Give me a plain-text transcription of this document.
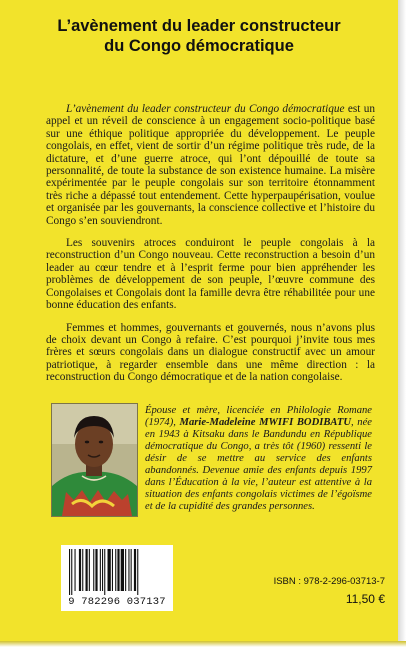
L’avènement du leader constructeur
du Congo démocratique

L’avènement du leader constructeur du Congo démocratique est un appel et un réveil de conscience à un engagement socio-politique basé sur une éthique politique appropriée du développement. Le peuple congolais, en effet, vient de sortir d’un régime politique très rude, de la dictature, et d’une guerre atroce, qui l’ont dépouillé de toute sa personnalité, de toute la substance de son existence humaine. La misère expérimentée par le peuple congolais sur son territoire étonnamment très riche a dépassé tout entendement. Cette hyperpaupérisation, voulue et organisée par les gouvernants, la conscience collective et l’histoire du Congo s’en souviendront.

Les souvenirs atroces conduiront le peuple congolais à la reconstruction d’un Congo nouveau. Cette reconstruction a besoin d’un leader au cœur tendre et à l’esprit ferme pour bien appréhender les problèmes de développement de son peuple, l’œuvre commune des Congolaises et Congolais dont la famille devra être réhabilitée pour une bonne éducation des enfants.

Femmes et hommes, gouvernants et gouvernés, nous n’avons plus de choix devant un Congo à refaire. C’est pourquoi j’invite tous mes frères et sœurs congolais dans un dialogue constructif avec un amour patriotique, à regarder ensemble dans une même direction : la reconstruction du Congo démocratique et de la nation congolaise.

Épouse et mère, licenciée en Philologie Romane (1974), Marie-Madeleine MWIFI BODIBATU, née en 1943 à Kitsaku dans le Bandundu en République démocratique du Congo, a très tôt (1960) ressenti le désir de se mettre au service des enfants abandonnés. Devenue amie des enfants depuis 1997 dans l’Éducation à la vie, l’auteur est attentive à la situation des enfants congolais victimes de l’égoïsme et de la cupidité des grandes personnes.
9 782296 037137
ISBN : 978-2-296-03713-7
11,50 €
